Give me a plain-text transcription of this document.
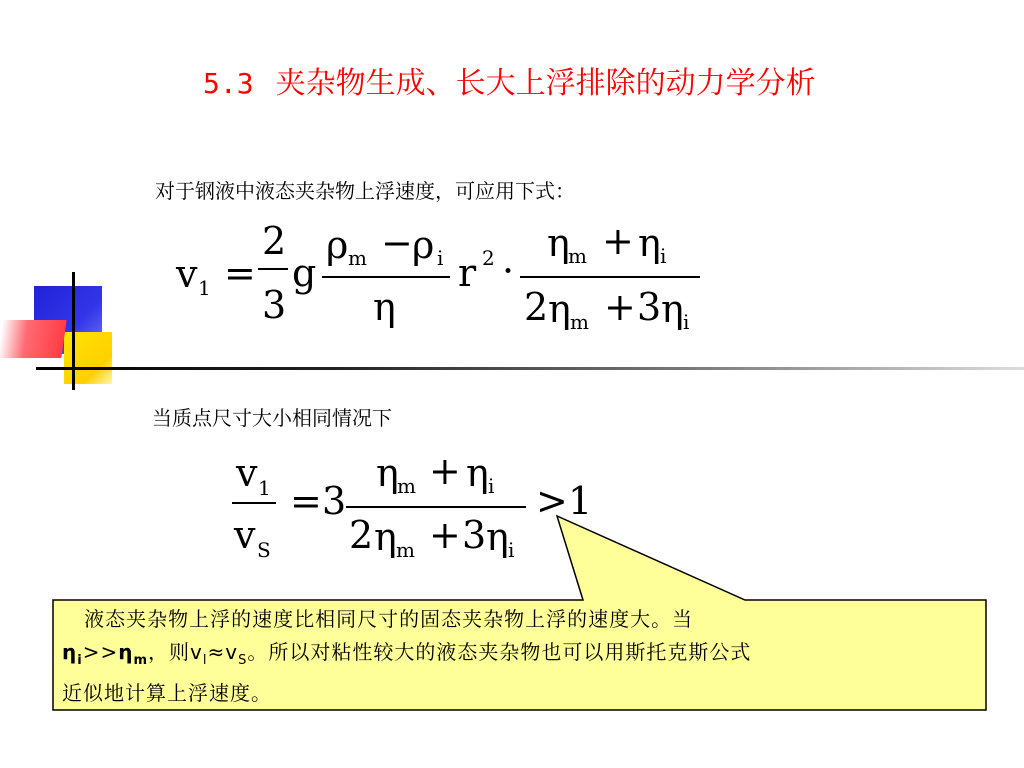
5.3 夹杂物生成、长大上浮排除的动力学分析
对于钢液中液态夹杂物上浮速度，可应用下式：
v 1 =
2
3
g
ρ m − ρ i
η
r 2 ·
η
m + η i
2 η m + 3 η i
当质点尺寸大小相同情况下
v 1
v S
= 3
η
m + η i
2 η m + 3 η i
> 1
液态夹杂物上浮的速度比相同尺寸的固态夹杂物上浮的速度大。当
$\eta_i>>\eta_m$，则$v_l\approx v_S$。所以对粘性较大的液态夹杂物也可以用斯托克斯公式
近似地计算上浮速度。
